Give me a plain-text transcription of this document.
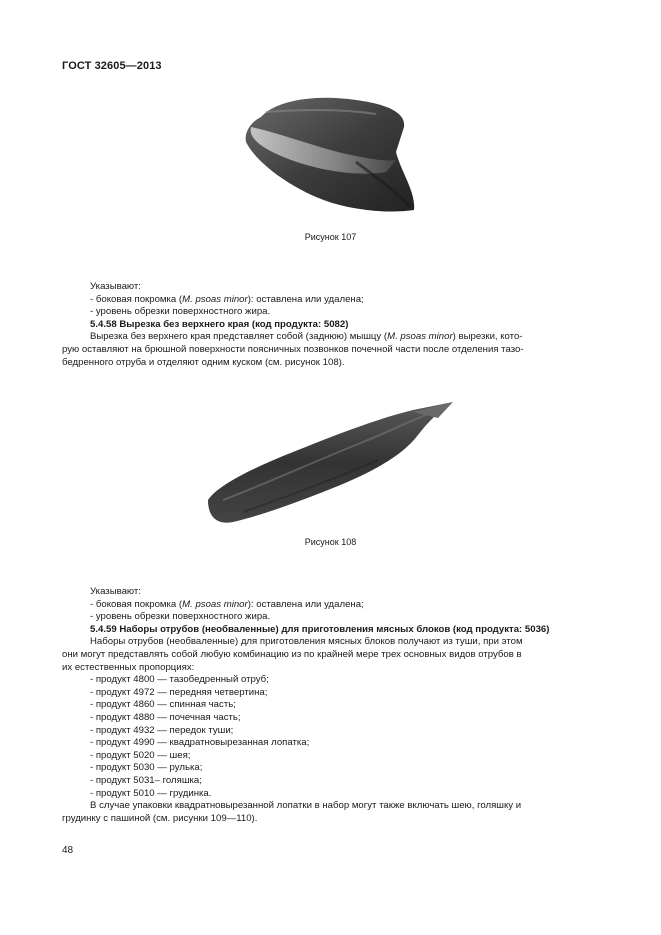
ГОСТ 32605—2013
Рисунок 107

Указывают:

- боковая покромка (M. psoas minor): оставлена или удалена;

- уровень обрезки поверхностного жира.

5.4.58 Вырезка без верхнего края (код продукта: 5082)

Вырезка без верхнего края представляет собой (заднюю) мышцу (M. psoas minor) вырезки, кото-

рую оставляют на брюшной поверхности поясничных позвонков почечной части после отделения тазо-

бедренного отруба и отделяют одним куском (см. рисунок 108).

Рисунок 108

Указывают:

- боковая покромка (M. psoas minor): оставлена или удалена;

- уровень обрезки поверхностного жира.

5.4.59 Наборы отрубов (необваленные) для приготовления мясных блоков (код продукта: 5036)

Наборы отрубов (необваленные) для приготовления мясных блоков получают из туши, при этом

они могут представлять собой любую комбинацию из по крайней мере трех основных видов отрубов в

их естественных пропорциях:

- продукт 4800 — тазобедренный отруб;

- продукт 4972 — передняя четвертина;

- продукт 4860 — спинная часть;

- продукт 4880 — почечная часть;

- продукт 4932 — передок туши;

- продукт 4990 — квадратновырезанная лопатка;

- продукт 5020 — шея;

- продукт 5030 — рулька;

- продукт 5031– голяшка;

- продукт 5010 — грудинка.

В случае упаковки квадратновырезанной лопатки в набор могут также включать шею, голяшку и

грудинку с пашиной (см. рисунки 109—110).

48
